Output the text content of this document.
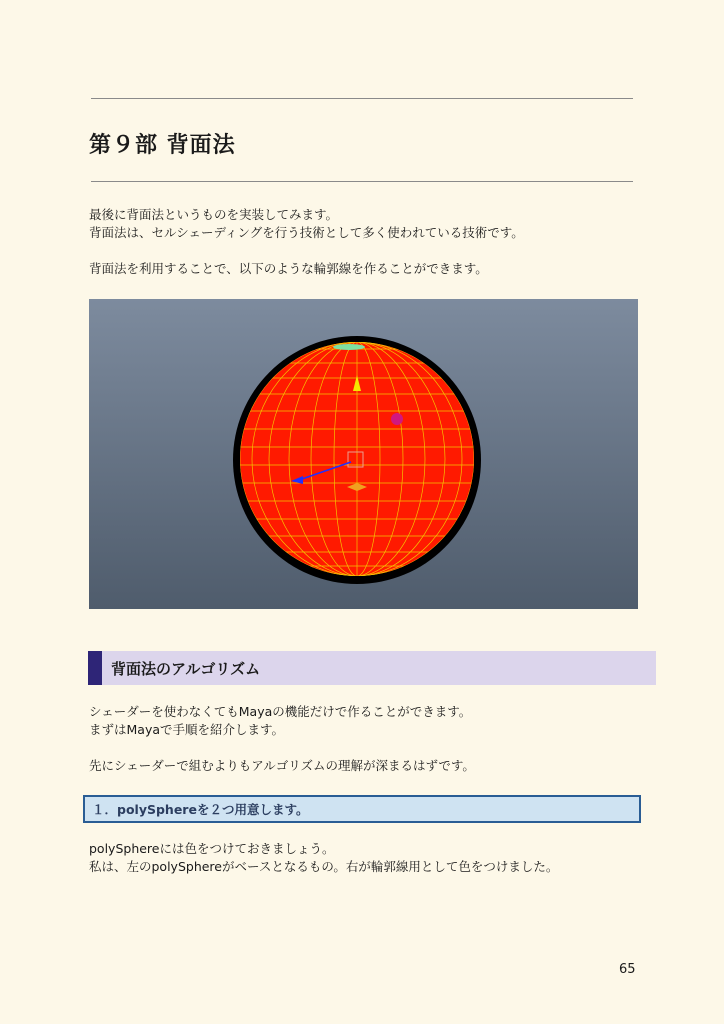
第９部 背面法
最後に背面法というものを実装してみます。
背面法は、セルシェーディングを行う技術として多く使われている技術です。
背面法を利用することで、以下のような輪郭線を作ることができます。
背面法のアルゴリズム
シェーダーを使わなくてもMayaの機能だけで作ることができます。
まずはMayaで手順を紹介します。
先にシェーダーで組むよりもアルゴリズムの理解が深まるはずです。
１．polySphereを２つ用意します。
polySphereには色をつけておきましょう。
私は、左のpolySphereがベースとなるもの。右が輪郭線用として色をつけました。
65
